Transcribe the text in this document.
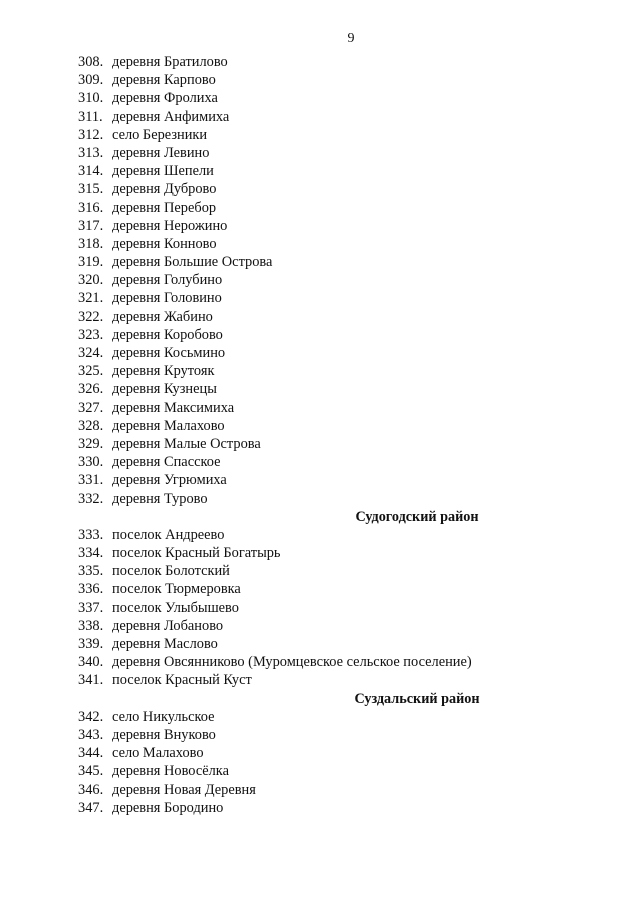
9
308. деревня Братилово
309. деревня Карпово
310. деревня Фролиха
311. деревня Анфимиха
312. село Березники
313. деревня Левино
314. деревня Шепели
315. деревня Дуброво
316. деревня Перебор
317. деревня Нерожино
318. деревня Конново
319. деревня Большие Острова
320. деревня Голубино
321. деревня Головино
322. деревня Жабино
323. деревня Коробово
324. деревня Косьмино
325. деревня Крутояк
326. деревня Кузнецы
327. деревня Максимиха
328. деревня Малахово
329. деревня Малые Острова
330. деревня Спасское
331. деревня Угрюмиха
332. деревня Турово
Судогодский район
333. поселок Андреево
334. поселок Красный Богатырь
335. поселок Болотский
336. поселок Тюрмеровка
337. поселок Улыбышево
338. деревня Лобаново
339. деревня Маслово
340. деревня Овсянниково (Муромцевское сельское поселение)
341. поселок Красный Куст
Суздальский район
342. село Никульское
343. деревня Внуково
344. село Малахово
345. деревня Новосёлка
346. деревня Новая Деревня
347. деревня Бородино
